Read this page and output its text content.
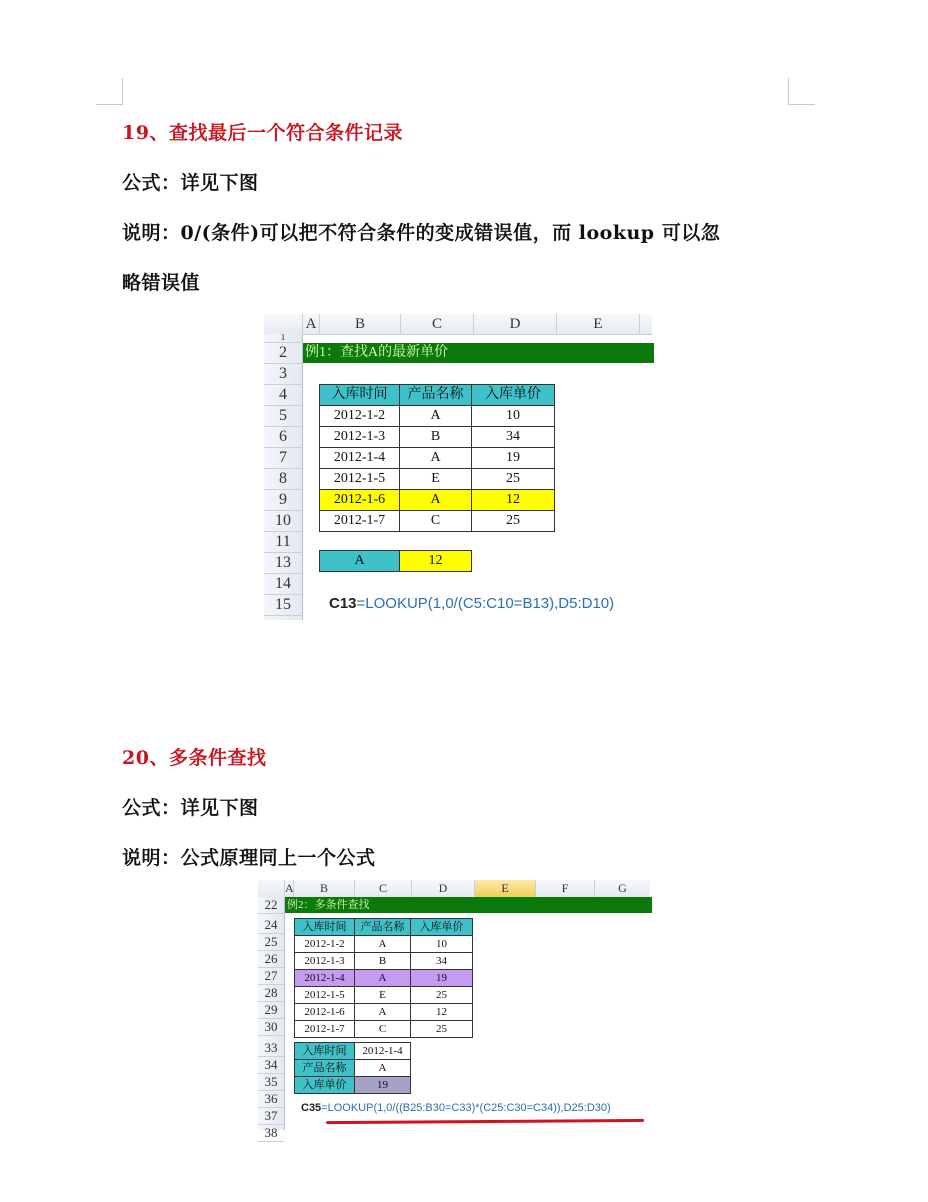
19、查找最后一个符合条件记录
公式：详见下图
说明：0/(条件)可以把不符合条件的变成错误值，而 lookup 可以忽
略错误值
A	B	C	D	E
1
2
3
4
5
6
7
8
9
10
11
13
14
15
例1：查找A的最新单价
入库时间	产品名称	入库单价
2012-1-2	A	10
2012-1-3	B	34
2012-1-4	A	19
2012-1-5	E	25
2012-1-6	A	12
2012-1-7	C	25
A	12
C13=LOOKUP(1,0/(C5:C10=B13),D5:D10)
20、多条件查找
公式：详见下图
说明：公式原理同上一个公式
A	B	C	D	E	F	G
22
24
25
26
27
28
29
30
33
34
35
36
37
38
例2：多条件查找
入库时间	产品名称	入库单价
2012-1-2	A	10
2012-1-3	B	34
2012-1-4	A	19
2012-1-5	E	25
2012-1-6	A	12
2012-1-7	C	25
入库时间	2012-1-4
产品名称	A
入库单价	19
C35=LOOKUP(1,0/((B25:B30=C33)*(C25:C30=C34)),D25:D30)
